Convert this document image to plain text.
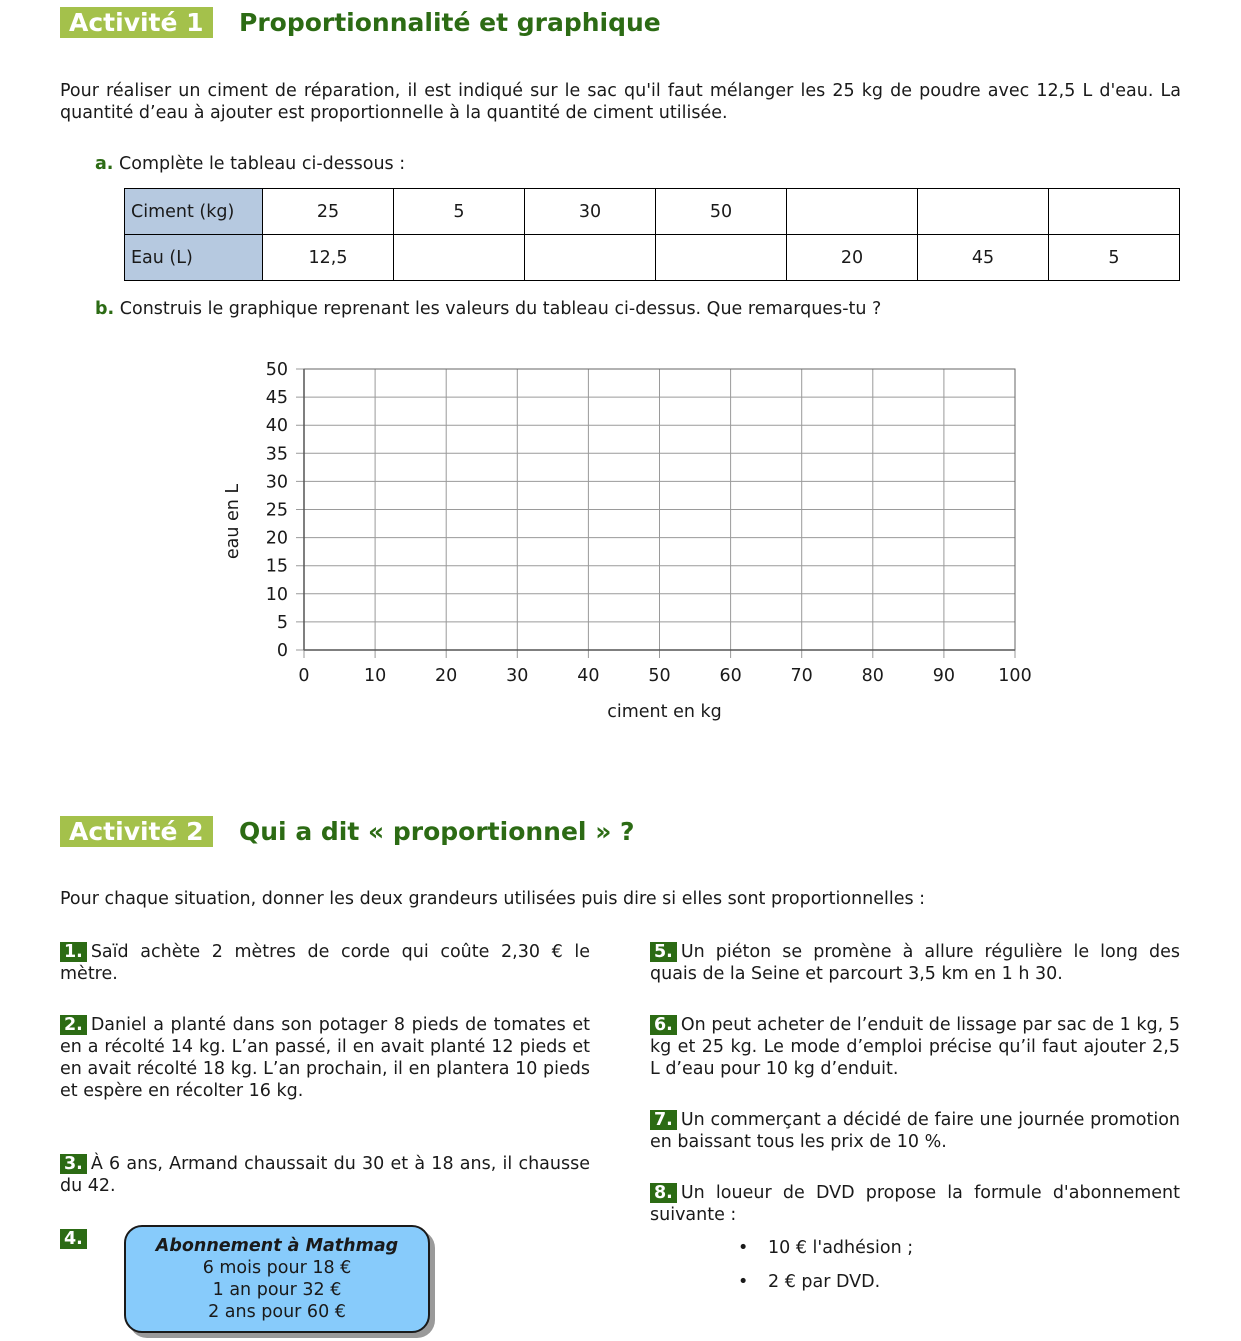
Activité 1	Proportionnalité et graphique
Pour réaliser un ciment de réparation, il est indiqué sur le sac qu'il faut mélanger les 25 kg de poudre avec 12,5 L d'eau. La quantité d’eau à ajouter est proportionnelle à la quantité de ciment utilisée.
a. Complète le tableau ci-dessous :
Ciment (kg)	25	5	30	50			
Eau (L)	12,5				20	45	5
b. Construis le graphique reprenant les valeurs du tableau ci-dessus. Que remarques-tu ?
0
5
10
15
20
25
30
35
40
45
50
0	10	20	30	40	50	60	70	80	90 100
ciment en kg
eau en L
Activité 2	Qui a dit « proportionnel » ?
Pour chaque situation, donner les deux grandeurs utilisées puis dire si elles sont proportionnelles :
1. Saïd achète 2 mètres de corde qui coûte 2,30 € le mètre.
2. Daniel a planté dans son potager 8 pieds de tomates et en a récolté 14 kg. L’an passé, il en avait planté 12 pieds et en avait récolté 18 kg. L’an prochain, il en plantera 10 pieds et espère en récolter 16 kg.
3. À 6 ans, Armand chaussait du 30 et à 18 ans, il chausse du 42.
4.	Abonnement à Mathmag
6 mois pour 18 €
1 an pour 32 €
2 ans pour 60 €
5. Un piéton se promène à allure régulière le long des quais de la Seine et parcourt 3,5 km en 1 h 30.
6. On peut acheter de l’enduit de lissage par sac de 1 kg, 5 kg et 25 kg. Le mode d’emploi précise qu’il faut ajouter 2,5 L d’eau pour 10 kg d’enduit.
7. Un commerçant a décidé de faire une journée promotion en baissant tous les prix de 10 %.
8. Un loueur de DVD propose la formule d'abonnement suivante :
• 10 € l'adhésion ;
• 2 € par DVD.
